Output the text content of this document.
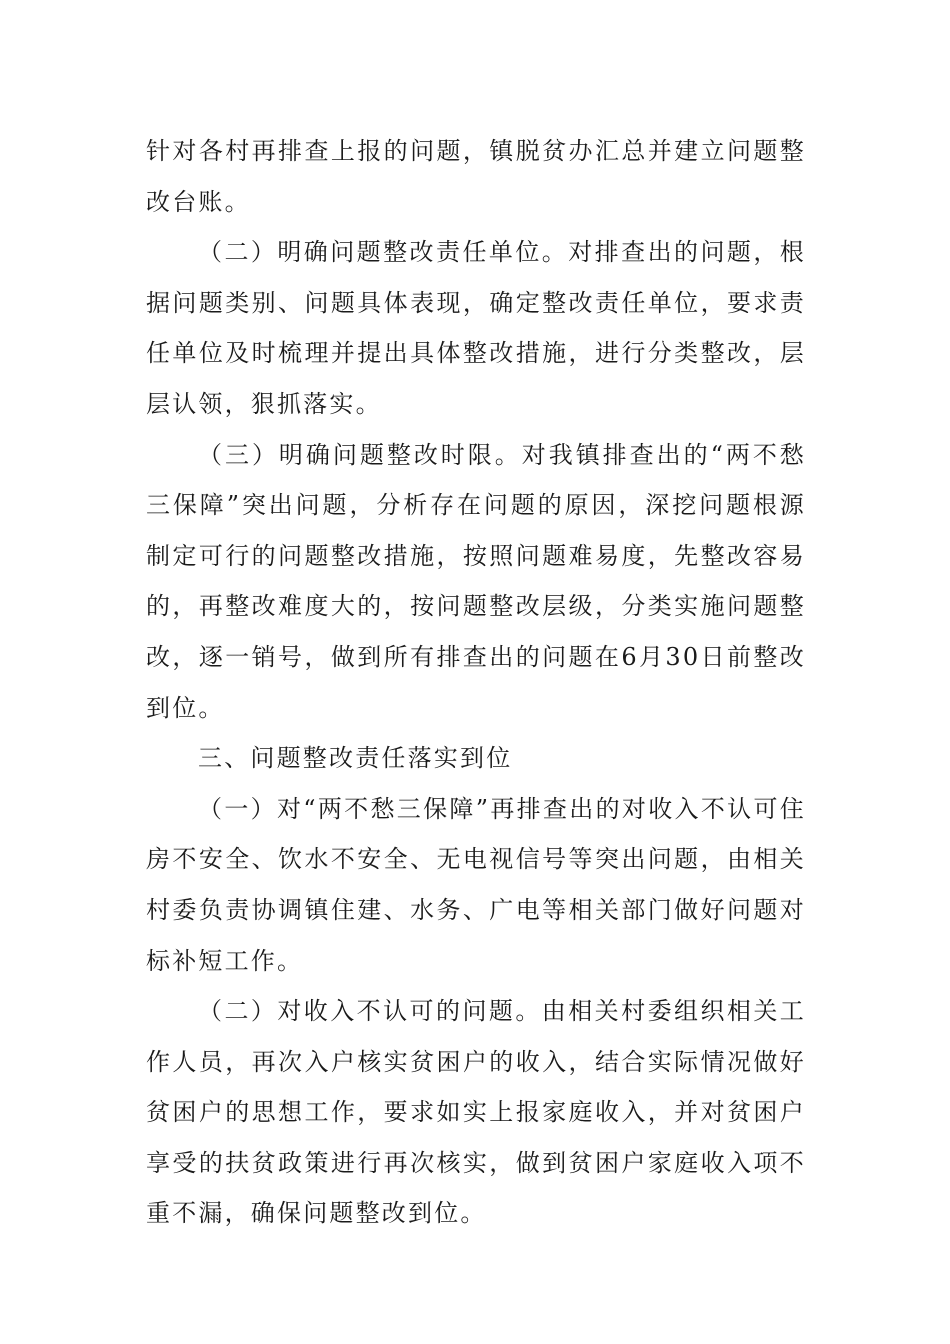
针对各村再排查上报的问题，镇脱贫办汇总并建立问题整改台账。

（二）明确问题整改责任单位。对排查出的问题，根据问题类别、问题具体表现，确定整改责任单位，要求责任单位及时梳理并提出具体整改措施，进行分类整改，层层认领，狠抓落实。

（三）明确问题整改时限。对我镇排查出的“两不愁三保障”突出问题，分析存在问题的原因，深挖问题根源制定可行的问题整改措施，按照问题难易度，先整改容易的，再整改难度大的，按问题整改层级，分类实施问题整改，逐一销号，做到所有排查出的问题在6月30日前整改到位。

三、问题整改责任落实到位

（一）对“两不愁三保障”再排查出的对收入不认可住房不安全、饮水不安全、无电视信号等突出问题，由相关村委负责协调镇住建、水务、广电等相关部门做好问题对标补短工作。

（二）对收入不认可的问题。由相关村委组织相关工作人员，再次入户核实贫困户的收入，结合实际情况做好贫困户的思想工作，要求如实上报家庭收入，并对贫困户享受的扶贫政策进行再次核实，做到贫困户家庭收入项不重不漏，确保问题整改到位。
